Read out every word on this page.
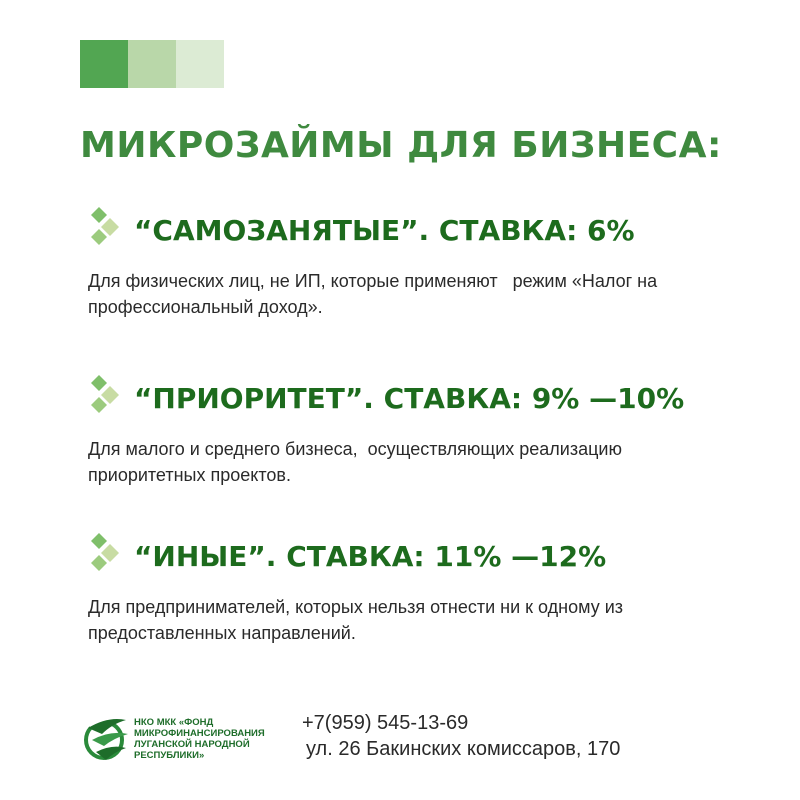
МИКРОЗАЙМЫ ДЛЯ БИЗНЕСА:
“САМОЗАНЯТЫЕ”. СТАВКА: 6%

Для физических лиц, не ИП, которые применяют   режим «Налог на профессиональный доход».

“ПРИОРИТЕТ”. СТАВКА: 9% —10%

Для малого и среднего бизнеса,  осуществляющих реализацию приоритетных проектов.

“ИНЫЕ”. СТАВКА: 11% —12%

Для предпринимателей, которых нельзя отнести ни к одному из предоставленных направлений.

НКО МКК «ФОНД МИКРОФИНАНСИРОВАНИЯ ЛУГАНСКОЙ НАРОДНОЙ РЕСПУБЛИКИ»
+7(959) 545-13-69
ул. 26 Бакинских комиссаров, 170
